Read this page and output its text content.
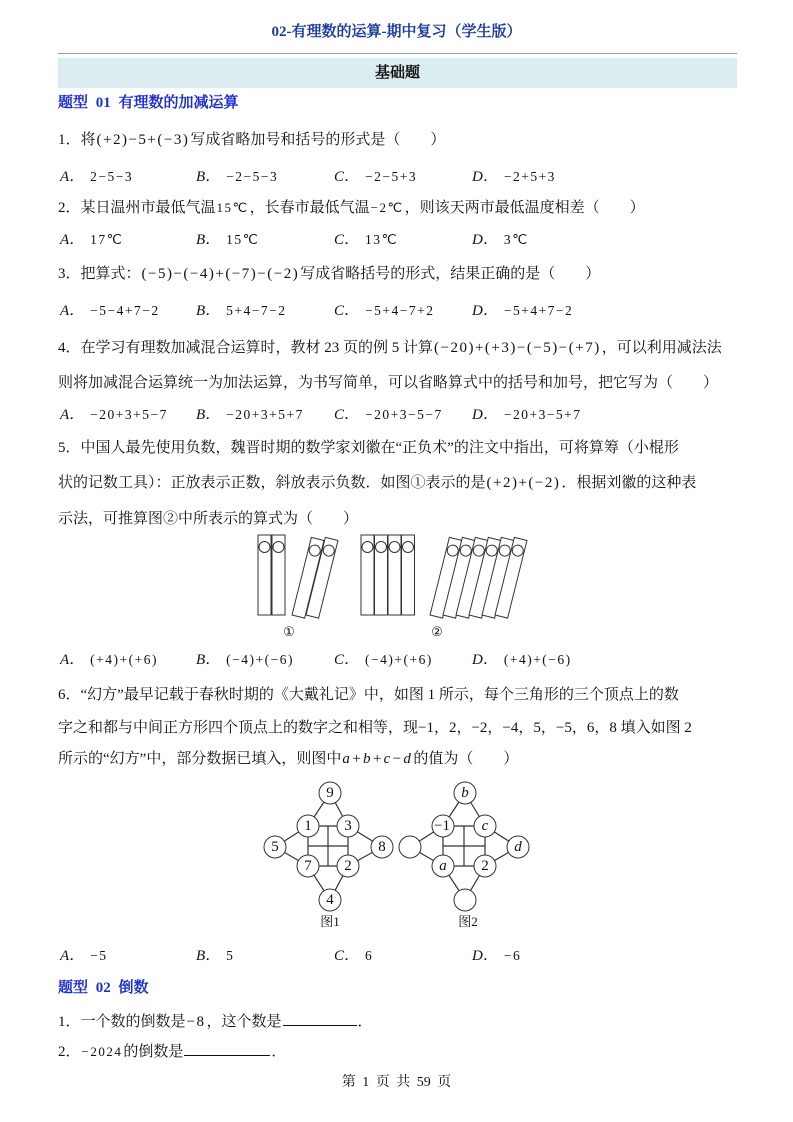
02-有理数的运算-期中复习（学生版）
基础题
题型 01 有理数的加减运算
1．将(+2)−5+(−3)写成省略加号和括号的形式是（　　）
A． 2−5−3	B． −2−5−3	C． −2−5+3	D． −2+5+3
2．某日温州市最低气温15℃，长春市最低气温−2℃，则该天两市最低温度相差（　　）
A． 17℃	B． 15℃	C． 13℃	D． 3℃
3．把算式：(−5)−(−4)+(−7)−(−2)写成省略括号的形式，结果正确的是（　　）
A． −5−4+7−2 B． 5+4−7−2	C． −5+4−7+2	D． −5+4+7−2
4．在学习有理数加减混合运算时，教材 23 页的例 5 计算(−20)+(+3)−(−5)−(+7)，可以利用减法法
则将加减混合运算统一为加法运算，为书写简单，可以省略算式中的括号和加号，把它写为（　　）
A． −20+3+5−7 B． −20+3+5+7 C． −20+3−5−7 D． −20+3−5+7
5．中国人最先使用负数，魏晋时期的数学家刘徽在“正负术”的注文中指出，可将算筹（小棍形
状的记数工具）：正放表示正数，斜放表示负数．如图①表示的是(+2)+(−2)．根据刘徽的这种表
示法，可推算图②中所表示的算式为（　　）
①	②
A． (+4)+(+6)	B． (−4)+(−6)	C． (−4)+(+6)	D． (+4)+(−6)
6．“幻方”最早记载于春秋时期的《大戴礼记》中，如图 1 所示，每个三角形的三个顶点上的数
字之和都与中间正方形四个顶点上的数字之和相等，现−1，2，−2，−4，5，−5，6，8 填入如图 2
所示的“幻方”中，部分数据已填入，则图中a+b+c−d的值为（　　）
9
1 3
5	8
7 2
4
图1
b
−1 c
d
a 2
图2
A． −5	B． 5	C． 6	D． −6
题型 02 倒数
1．一个数的倒数是−8，这个数是	．
2．−2024的倒数是	．
第 1 页 共 59 页
